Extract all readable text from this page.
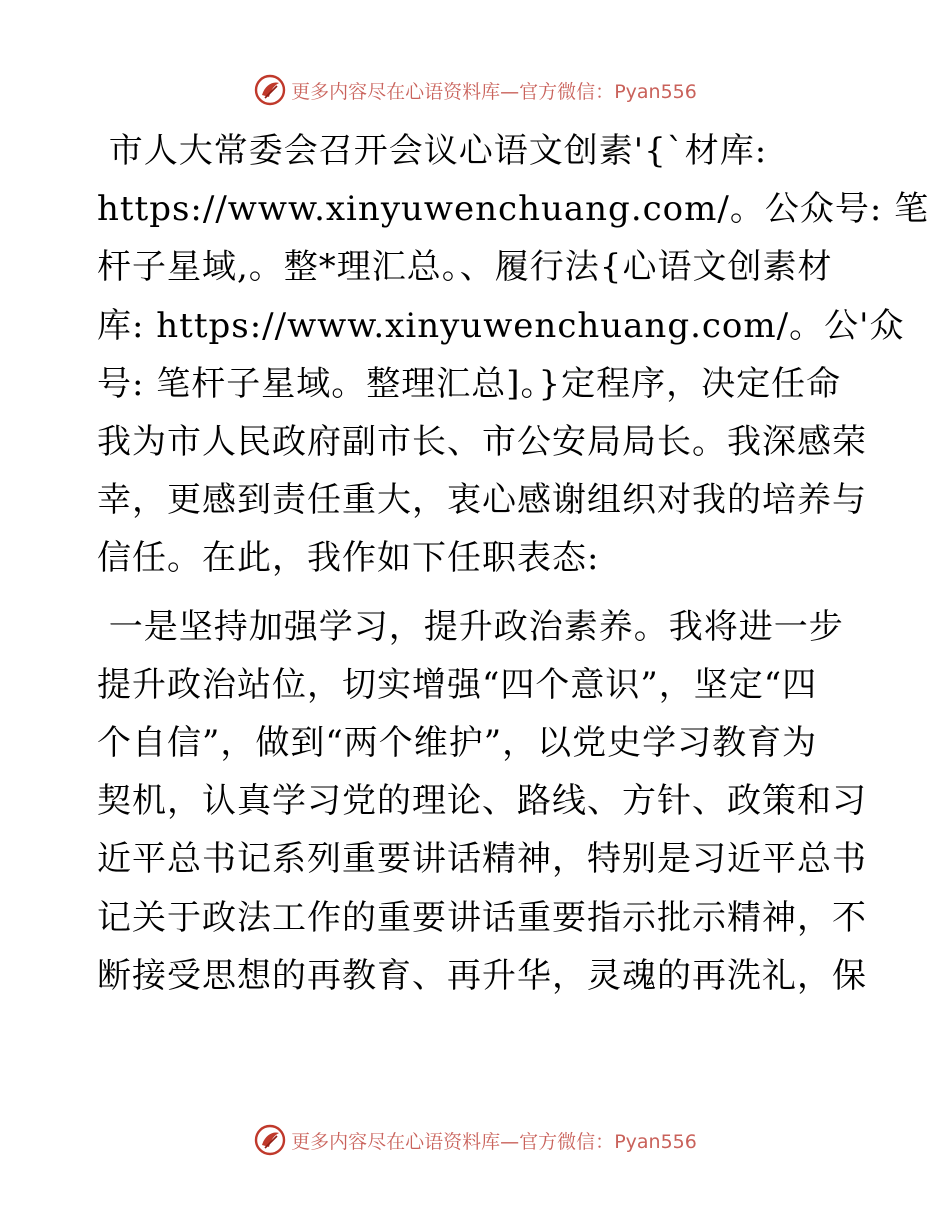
更多内容尽在心语资料库—官方微信：Pyan556

市人大常委会召开会议心语文创素'{`材库:
https://www.xinyuwenchuang.com/。公众号: 笔
杆子星域,。整*理汇总。、履行法{心语文创素材
库: https://www.xinyuwenchuang.com/。公'众
号: 笔杆子星域。整理汇总]。}定程序，决定任命
我为市人民政府副市长、市公安局局长。我深感荣
幸，更感到责任重大，衷心感谢组织对我的培养与
信任。在此，我作如下任职表态:

一是坚持加强学习，提升政治素养。我将进一步
提升政治站位，切实增强“四个意识”，坚定“四
个自信”，做到“两个维护”，以党史学习教育为
契机，认真学习党的理论、路线、方针、政策和习
近平总书记系列重要讲话精神，特别是习近平总书
记关于政法工作的重要讲话重要指示批示精神，不
断接受思想的再教育、再升华，灵魂的再洗礼，保

更多内容尽在心语资料库—官方微信：Pyan556
